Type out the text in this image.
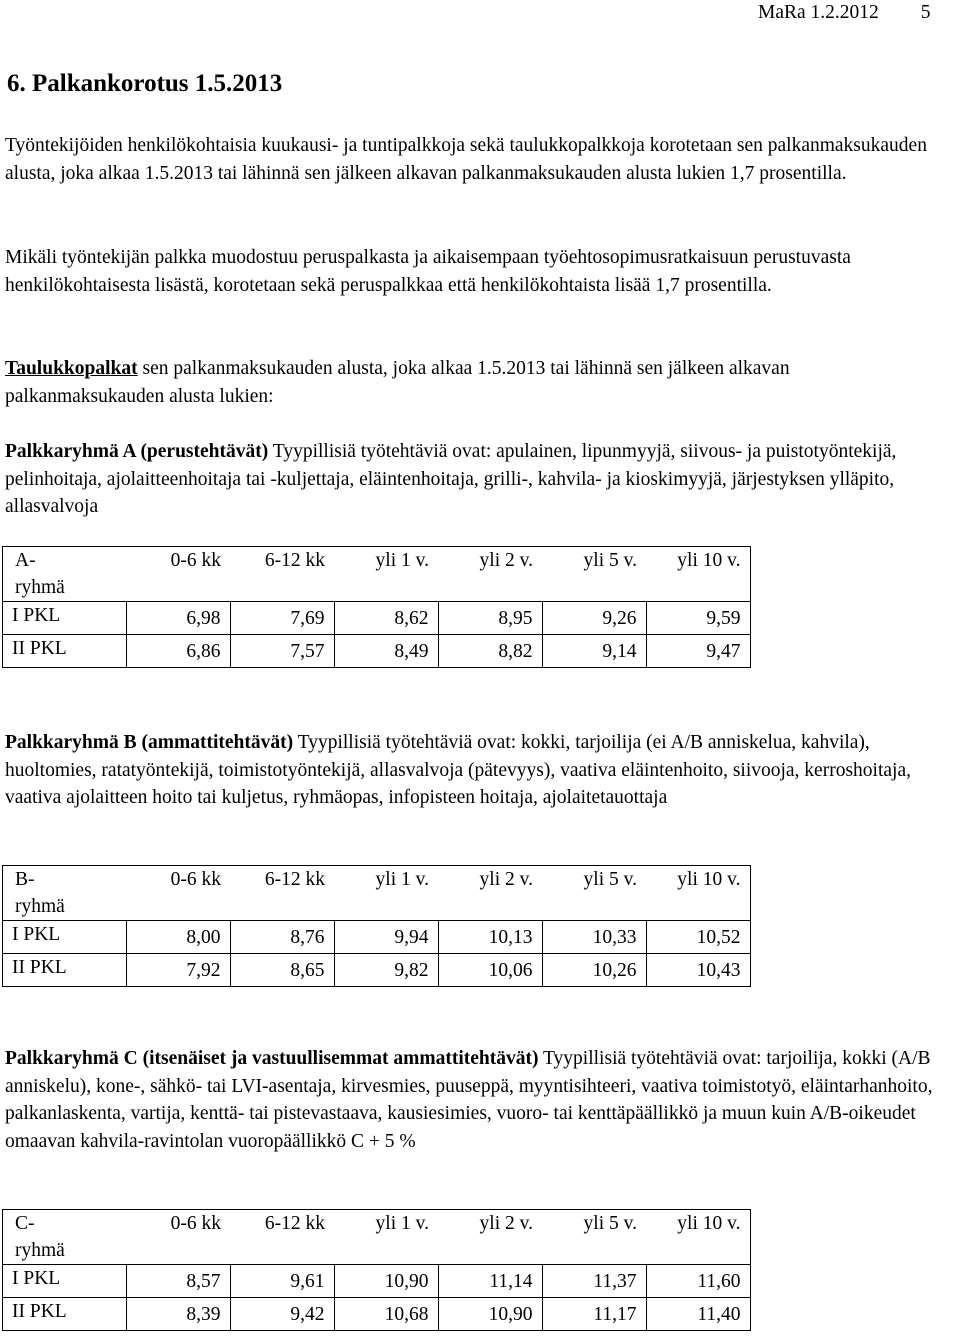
MaRa 1.2.2012 5
6. Palkankorotus 1.5.2013
Työntekijöiden henkilökohtaisia kuukausi- ja tuntipalkkoja sekä taulukkopalkkoja korotetaan sen palkanmaksukauden alusta, joka alkaa 1.5.2013 tai lähinnä sen jälkeen alkavan palkanmaksukauden alusta lukien 1,7 prosentilla.
Mikäli työntekijän palkka muodostuu peruspalkasta ja aikaisempaan työehtosopimusratkaisuun perustuvasta henkilökohtaisesta lisästä, korotetaan sekä peruspalkkaa että henkilökohtaista lisää 1,7 prosentilla.
Taulukkopalkat sen palkanmaksukauden alusta, joka alkaa 1.5.2013 tai lähinnä sen jälkeen alkavan palkanmaksukauden alusta lukien:
Palkkaryhmä A (perustehtävät) Tyypillisiä työtehtäviä ovat: apulainen, lipunmyyjä, siivous- ja puistotyöntekijä, pelinhoitaja, ajolaitteenhoitaja tai -kuljettaja, eläintenhoitaja, grilli-, kahvila- ja kioskimyyjä, järjestyksen ylläpito, allasvalvoja
A-
ryhmä	0-6 kk	6-12 kk	yli 1 v.	yli 2 v.	yli 5 v.	yli 10 v.
I PKL	6,98	7,69	8,62	8,95	9,26	9,59
II PKL	6,86	7,57	8,49	8,82	9,14	9,47
Palkkaryhmä B (ammattitehtävät) Tyypillisiä työtehtäviä ovat: kokki, tarjoilija (ei A/B anniskelua, kahvila), huoltomies, ratatyöntekijä, toimistotyöntekijä, allasvalvoja (pätevyys), vaativa eläintenhoito, siivooja, kerroshoitaja, vaativa ajolaitteen hoito tai kuljetus, ryhmäopas, infopisteen hoitaja, ajolaitetauottaja
B-
ryhmä	0-6 kk	6-12 kk	yli 1 v.	yli 2 v.	yli 5 v.	yli 10 v.
I PKL	8,00	8,76	9,94	10,13	10,33	10,52
II PKL	7,92	8,65	9,82	10,06	10,26	10,43
Palkkaryhmä C (itsenäiset ja vastuullisemmat ammattitehtävät) Tyypillisiä työtehtäviä ovat: tarjoilija, kokki (A/B anniskelu), kone-, sähkö- tai LVI-asentaja, kirvesmies, puuseppä, myyntisihteeri, vaativa toimistotyö, eläintarhanhoito, palkanlaskenta, vartija, kenttä- tai pistevastaava, kausiesimies, vuoro- tai kenttäpäällikkö ja muun kuin A/B-oikeudet omaavan kahvila-ravintolan vuoropäällikkö C + 5 %
C-
ryhmä	0-6 kk	6-12 kk	yli 1 v.	yli 2 v.	yli 5 v.	yli 10 v.
I PKL	8,57	9,61	10,90	11,14	11,37	11,60
II PKL	8,39	9,42	10,68	10,90	11,17	11,40
